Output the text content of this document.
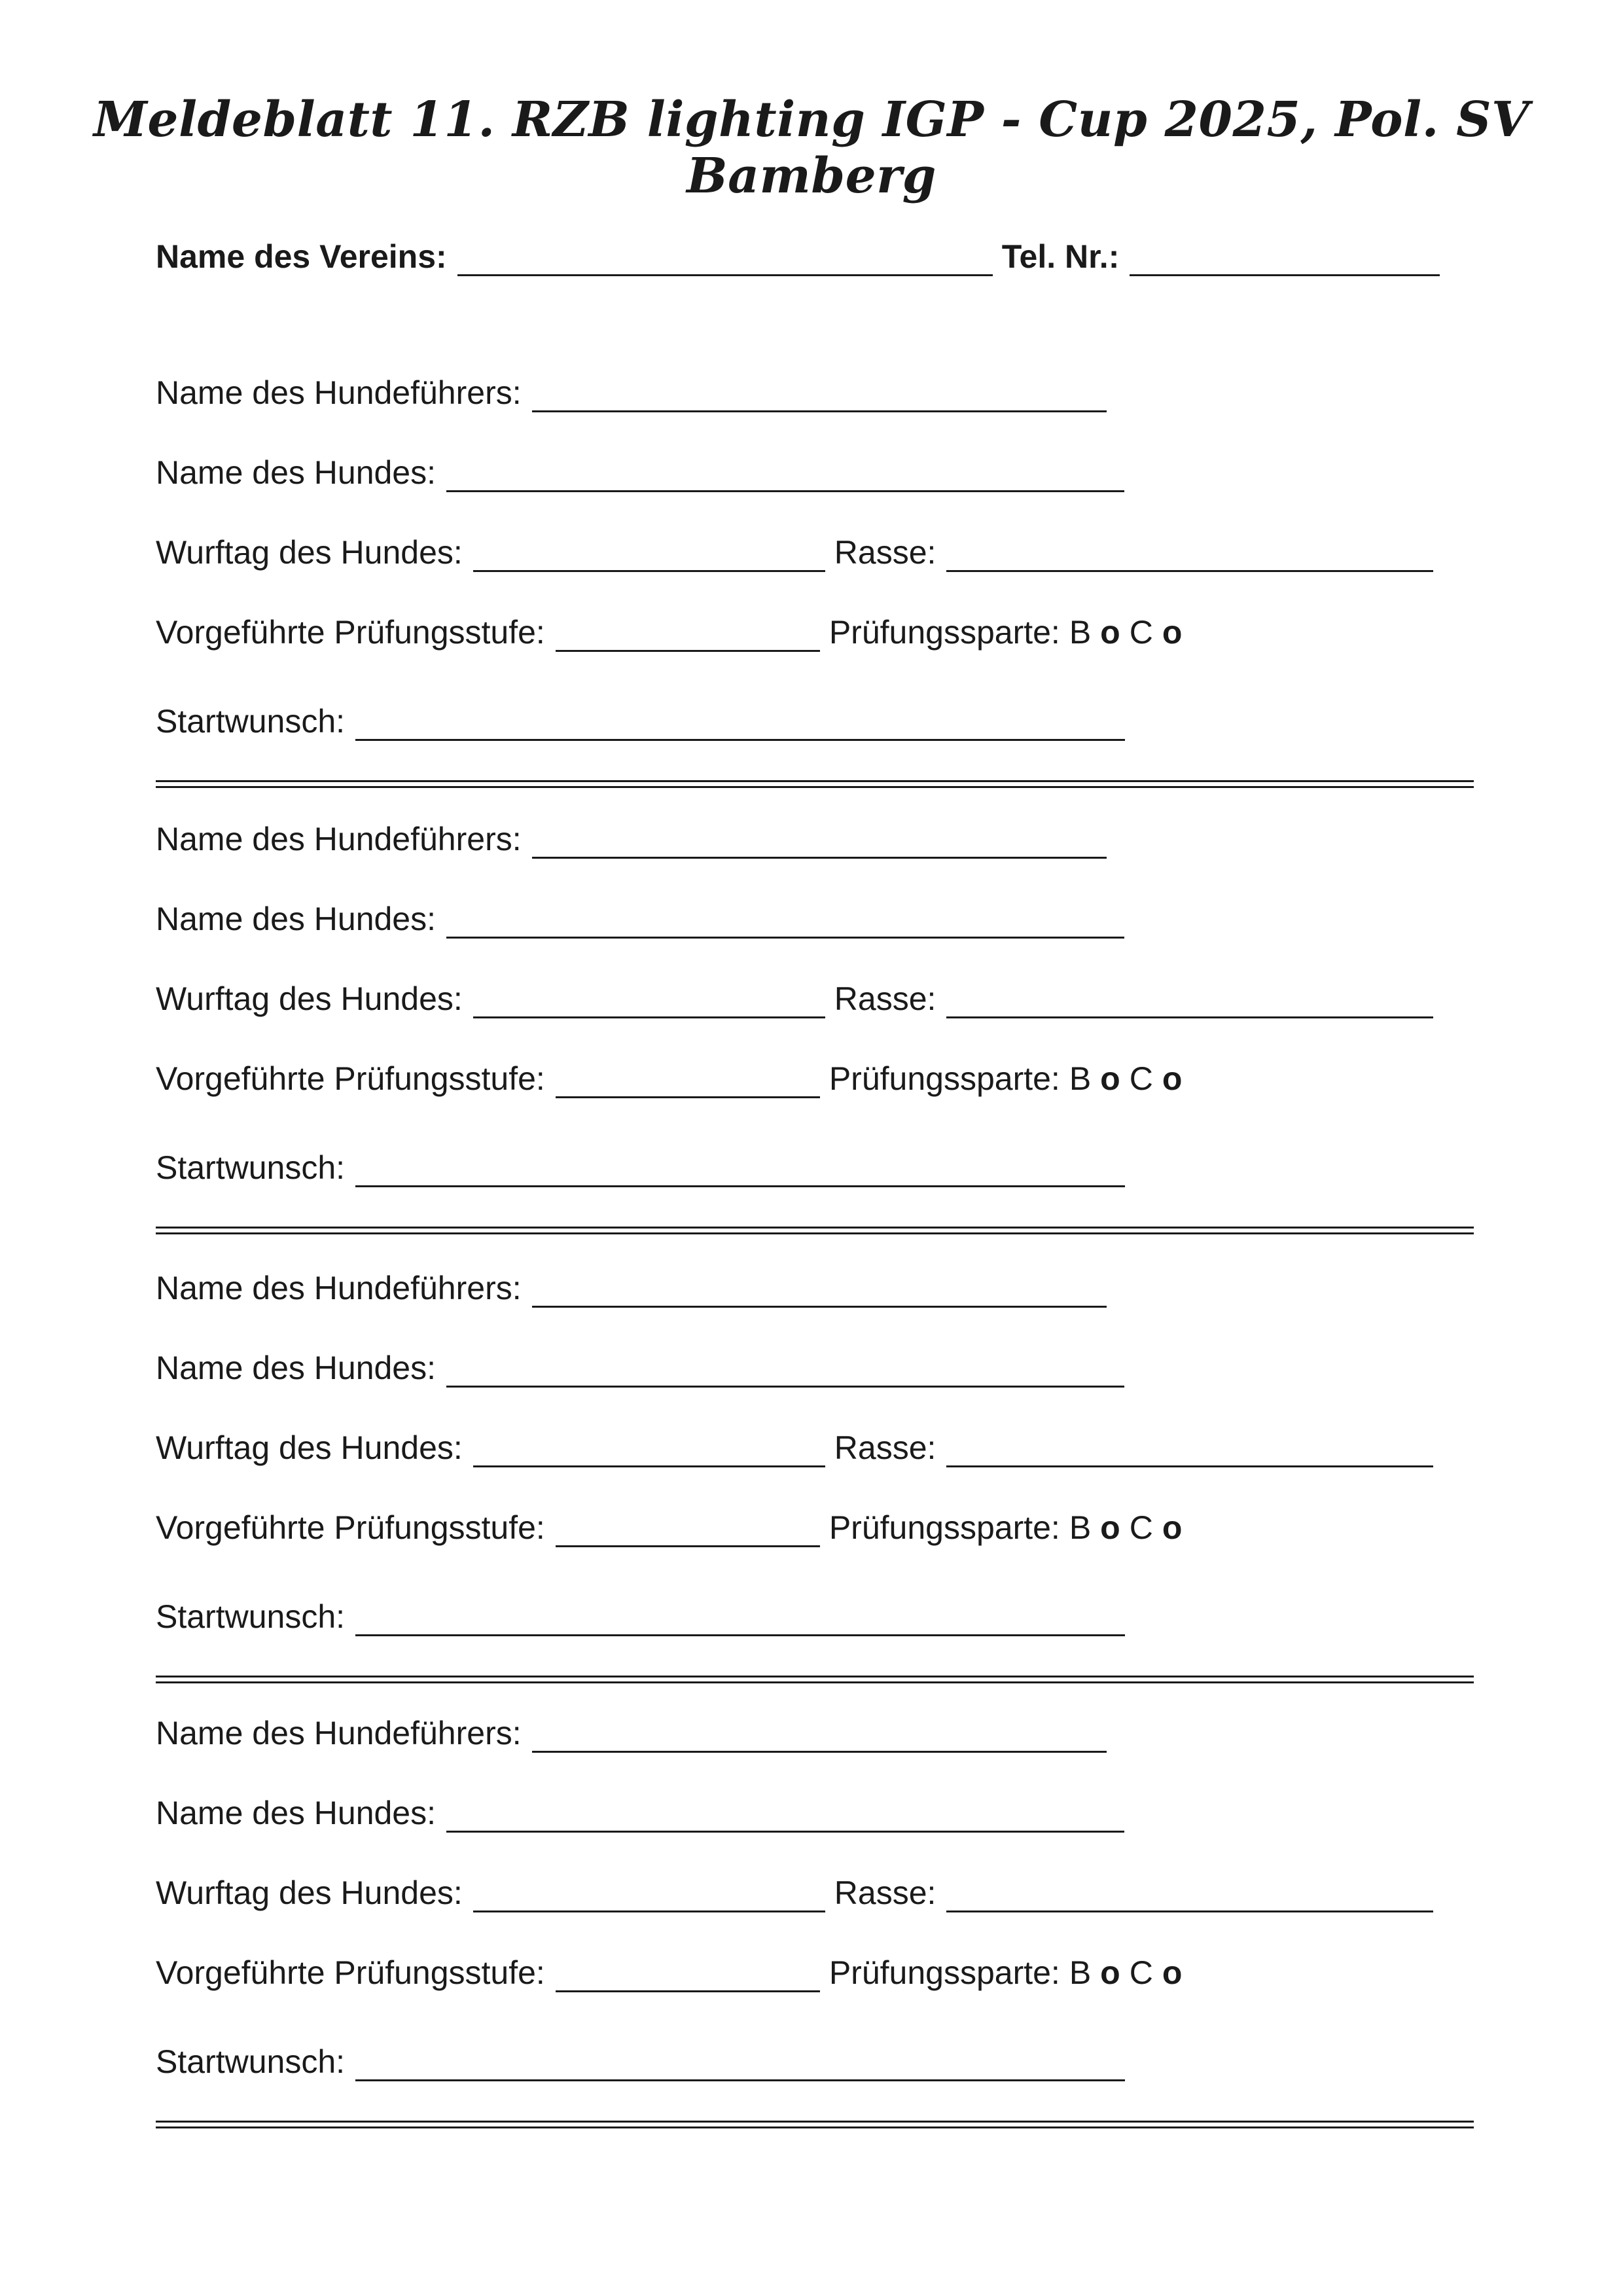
Meldeblatt 11. RZB lighting IGP - Cup 2025, Pol. SV Bamberg
Name des Vereins:	Tel. Nr.:
Name des Hundeführers:
Name des Hundes:
Wurftag des Hundes:	Rasse:
Vorgeführte Prüfungsstufe:	Prüfungssparte: B o C o
Startwunsch:
Name des Hundeführers:
Name des Hundes:
Wurftag des Hundes:	Rasse:
Vorgeführte Prüfungsstufe:	Prüfungssparte: B o C o
Startwunsch:
Name des Hundeführers:
Name des Hundes:
Wurftag des Hundes:	Rasse:
Vorgeführte Prüfungsstufe:	Prüfungssparte: B o C o
Startwunsch:
Name des Hundeführers:
Name des Hundes:
Wurftag des Hundes:	Rasse:
Vorgeführte Prüfungsstufe:	Prüfungssparte: B o C o
Startwunsch:
